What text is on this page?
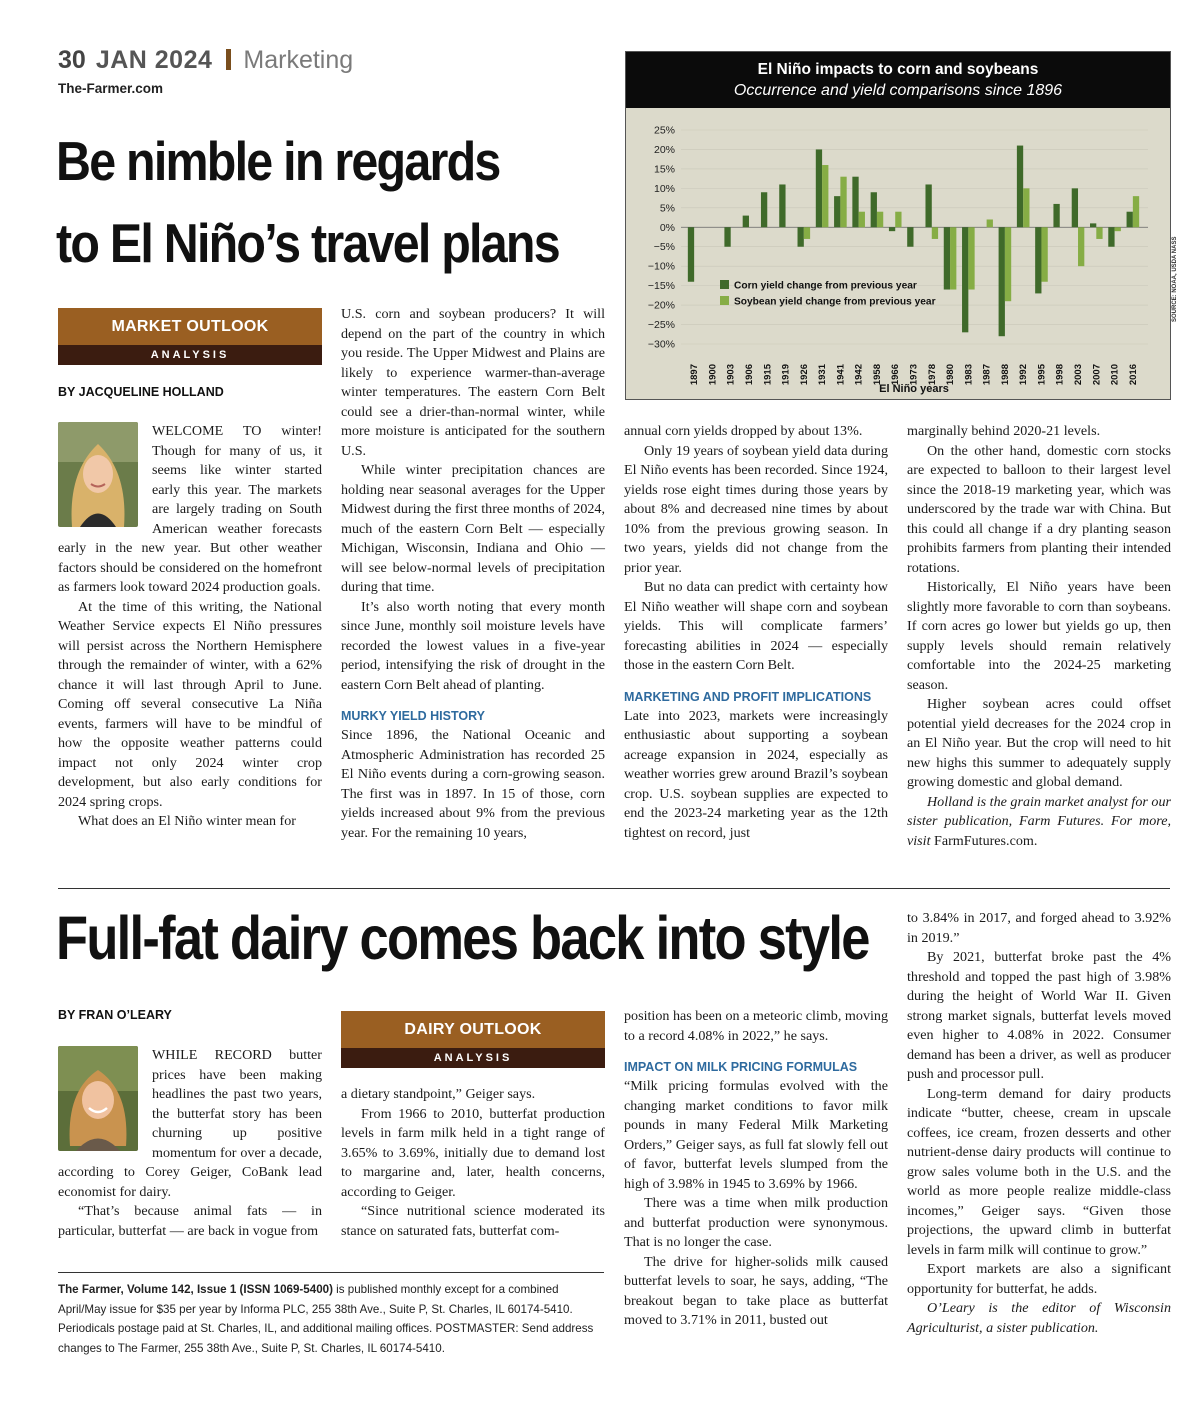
30 JAN 2024 Marketing
The-Farmer.com
Be nimble in regards
to El Niño’s travel plans
El Niño impacts to corn and soybeans
Occurrence and yield comparisons since 1896
25%
20%
15%
10%
5%
0%
−5%
−10%
−15%
−20%
−25%
−30%
1897 1900 1903 1906 1915 1919 1926 1931 1941 1942 1958 1966 1973 1978 1980 1983 1987 1988 1992 1995 1998 2003 2007 2010 2016
Corn yield change from previous year
Soybean yield change from previous year
El Niño years
SOURCE: NOAA, USDA NASS
MARKET OUTLOOK
ANALYSIS
BY JACQUELINE HOLLAND

WELCOME TO winter! Though for many of us, it seems like winter started early this year. The markets are largely trading on South American weather forecasts early in the new year. But other weather factors should be considered on the homefront as farmers look toward 2024 production goals.

At the time of this writing, the National Weather Service expects El Niño pressures will persist across the Northern Hemisphere through the remainder of winter, with a 62% chance it will last through April to June. Coming off several consecutive La Niña events, farmers will have to be mindful of how the opposite weather patterns could impact not only 2024 winter crop development, but also early conditions for 2024 spring crops.

What does an El Niño winter mean for

U.S. corn and soybean producers? It will depend on the part of the country in which you reside. The Upper Midwest and Plains are likely to experience warmer-than-average winter temperatures. The eastern Corn Belt could see a drier-than-normal winter, while more moisture is anticipated for the southern U.S.

While winter precipitation chances are holding near seasonal averages for the Upper Midwest during the first three months of 2024, much of the eastern Corn Belt — especially Michigan, Wisconsin, Indiana and Ohio — will see below-normal levels of precipitation during that time.

It’s also worth noting that every month since June, monthly soil moisture levels have recorded the lowest values in a five-year period, intensifying the risk of drought in the eastern Corn Belt ahead of planting.

MURKY YIELD HISTORY

Since 1896, the National Oceanic and Atmospheric Administration has recorded 25 El Niño events during a corn-growing season. The first was in 1897. In 15 of those, corn yields increased about 9% from the previous year. For the remaining 10 years,

annual corn yields dropped by about 13%.

Only 19 years of soybean yield data during El Niño events has been recorded. Since 1924, yields rose eight times during those years by about 8% and decreased nine times by about 10% from the previous growing season. In two years, yields did not change from the prior year.

But no data can predict with certainty how El Niño weather will shape corn and soybean yields. This will complicate farmers’ forecasting abilities in 2024 — especially those in the eastern Corn Belt.

MARKETING AND PROFIT IMPLICATIONS

Late into 2023, markets were increasingly enthusiastic about supporting a soybean acreage expansion in 2024, especially as weather worries grew around Brazil’s soybean crop. U.S. soybean supplies are expected to end the 2023-24 marketing year as the 12th tightest on record, just

marginally behind 2020-21 levels.

On the other hand, domestic corn stocks are expected to balloon to their largest level since the 2018-19 marketing year, which was underscored by the trade war with China. But this could all change if a dry planting season prohibits farmers from planting their intended rotations.

Historically, El Niño years have been slightly more favorable to corn than soybeans. If corn acres go lower but yields go up, then supply levels should remain relatively comfortable into the 2024-25 marketing season.

Higher soybean acres could offset potential yield decreases for the 2024 crop in an El Niño year. But the crop will need to hit new highs this summer to adequately supply growing domestic and global demand.

Holland is the grain market analyst for our sister publication, Farm Futures. For more, visit FarmFutures.com.

Full-fat dairy comes back into style
BY FRAN O’LEARY

WHILE RECORD butter prices have been making headlines the past two years, the butterfat story has been churning up positive momentum for over a decade, according to Corey Geiger, CoBank lead economist for dairy.

“That’s because animal fats — in particular, butterfat — are back in vogue from

DAIRY OUTLOOK
ANALYSIS

a dietary standpoint,” Geiger says.

From 1966 to 2010, butterfat production levels in farm milk held in a tight range of 3.65% to 3.69%, initially due to demand lost to margarine and, later, health concerns, according to Geiger.

“Since nutritional science moderated its stance on saturated fats, butterfat com-

The Farmer, Volume 142, Issue 1 (ISSN 1069-5400) is published monthly except for a combined April/May issue for $35 per year by Informa PLC, 255 38th Ave., Suite P, St. Charles, IL 60174-5410. Periodicals postage paid at St. Charles, IL, and additional mailing offices. POSTMASTER: Send address changes to The Farmer, 255 38th Ave., Suite P, St. Charles, IL 60174-5410.

position has been on a meteoric climb, moving to a record 4.08% in 2022,” he says.

IMPACT ON MILK PRICING FORMULAS

“Milk pricing formulas evolved with the changing market conditions to favor milk pounds in many Federal Milk Marketing Orders,” Geiger says, as full fat slowly fell out of favor, butterfat levels slumped from the high of 3.98% in 1945 to 3.69% by 1966.

There was a time when milk production and butterfat production were synonymous. That is no longer the case.

The drive for higher-solids milk caused butterfat levels to soar, he says, adding, “The breakout began to take place as butterfat moved to 3.71% in 2011, busted out

to 3.84% in 2017, and forged ahead to 3.92% in 2019.”

By 2021, butterfat broke past the 4% threshold and topped the past high of 3.98% during the height of World War II. Given strong market signals, butterfat levels moved even higher to 4.08% in 2022. Consumer demand has been a driver, as well as producer push and processor pull.

Long-term demand for dairy products indicate “butter, cheese, cream in upscale coffees, ice cream, frozen desserts and other nutrient-dense dairy products will continue to grow sales volume both in the U.S. and the world as more people realize middle-class incomes,” Geiger says. “Given those projections, the upward climb in butterfat levels in farm milk will continue to grow.”

Export markets are also a significant opportunity for butterfat, he adds.

O’Leary is the editor of Wisconsin Agriculturist, a sister publication.
